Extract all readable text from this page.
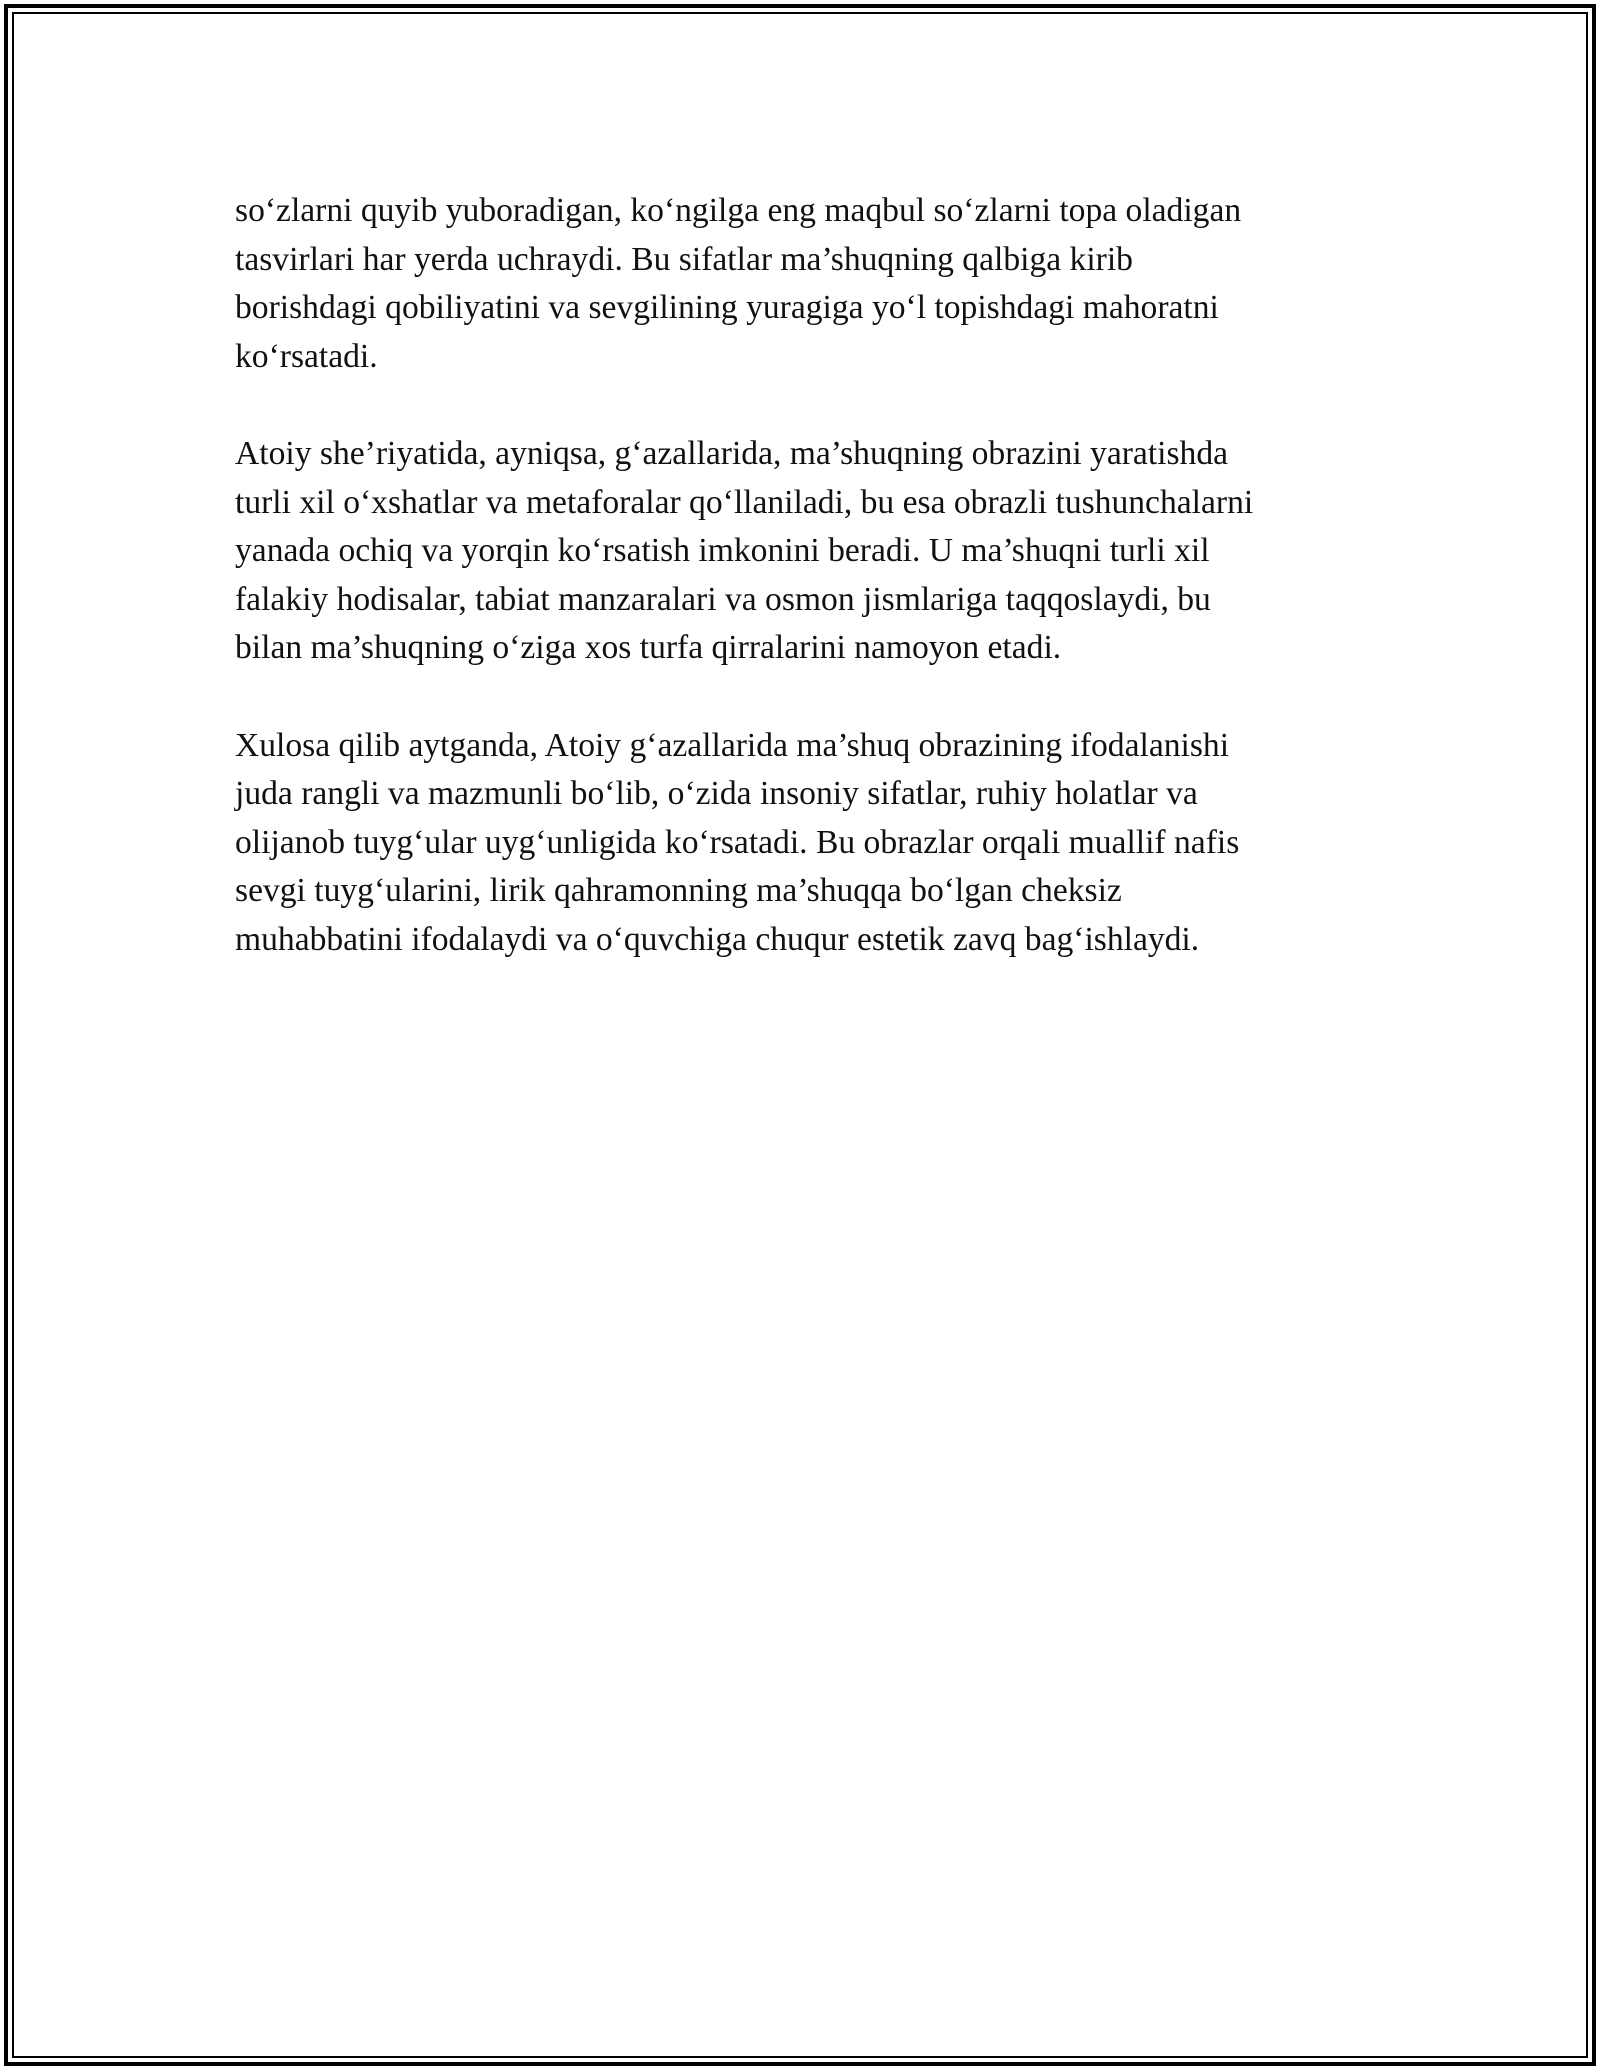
so‘zlarni quyib yuboradigan, ko‘ngilga eng maqbul so‘zlarni topa oladigan
tasvirlari har yerda uchraydi. Bu sifatlar ma’shuqning qalbiga kirib
borishdagi qobiliyatini va sevgilining yuragiga yo‘l topishdagi mahoratni
ko‘rsatadi.

Atoiy she’riyatida, ayniqsa, g‘azallarida, ma’shuqning obrazini yaratishda
turli xil o‘xshatlar va metaforalar qo‘llaniladi, bu esa obrazli tushunchalarni
yanada ochiq va yorqin ko‘rsatish imkonini beradi. U ma’shuqni turli xil
falakiy hodisalar, tabiat manzaralari va osmon jismlariga taqqoslaydi, bu
bilan ma’shuqning o‘ziga xos turfa qirralarini namoyon etadi.

Xulosa qilib aytganda, Atoiy g‘azallarida ma’shuq obrazining ifodalanishi
juda rangli va mazmunli bo‘lib, o‘zida insoniy sifatlar, ruhiy holatlar va
olijanob tuyg‘ular uyg‘unligida ko‘rsatadi. Bu obrazlar orqali muallif nafis
sevgi tuyg‘ularini, lirik qahramonning ma’shuqqa bo‘lgan cheksiz
muhabbatini ifodalaydi va o‘quvchiga chuqur estetik zavq bag‘ishlaydi.
